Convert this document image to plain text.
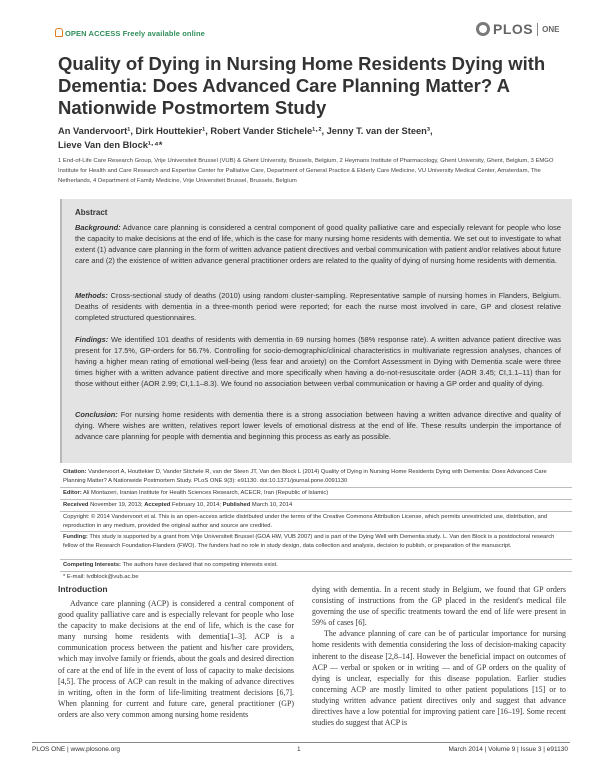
OPEN ACCESS Freely available online	PLOS ONE
Quality of Dying in Nursing Home Residents Dying with Dementia: Does Advanced Care Planning Matter? A Nationwide Postmortem Study
An Vandervoort¹, Dirk Houttekier¹, Robert Vander Stichele¹·², Jenny T. van der Steen³,
Lieve Van den Block¹·⁴*
1 End-of-Life Care Research Group, Vrije Universiteit Brussel (VUB) & Ghent University, Brussels, Belgium, 2 Heymans Institute of Pharmacology, Ghent University, Ghent, Belgium, 3 EMGO Institute for Health and Care Research and Expertise Center for Palliative Care, Department of General Practice & Elderly Care Medicine, VU University Medical Center, Amsterdam, The Netherlands, 4 Department of Family Medicine, Vrije Universiteit Brussel, Brussels, Belgium
Abstract
Background: Advance care planning is considered a central component of good quality palliative care and especially relevant for people who lose the capacity to make decisions at the end of life, which is the case for many nursing home residents with dementia. We set out to investigate to what extent (1) advance care planning in the form of written advance patient directives and verbal communication with patient and/or relatives about future care and (2) the existence of written advance general practitioner orders are related to the quality of dying of nursing home residents with dementia.
Methods: Cross-sectional study of deaths (2010) using random cluster-sampling. Representative sample of nursing homes in Flanders, Belgium. Deaths of residents with dementia in a three-month period were reported; for each the nurse most involved in care, GP and closest relative completed structured questionnaires.
Findings: We identified 101 deaths of residents with dementia in 69 nursing homes (58% response rate). A written advance patient directive was present for 17.5%, GP-orders for 56.7%. Controlling for socio-demographic/clinical characteristics in multivariate regression analyses, chances of having a higher mean rating of emotional well-being (less fear and anxiety) on the Comfort Assessment in Dying with Dementia scale were three times higher with a written advance patient directive and more specifically when having a do-not-resuscitate order (AOR 3.45; CI,1.1–11) than for those without either (AOR 2.99; CI,1.1–8.3). We found no association between verbal communication or having a GP order and quality of dying.
Conclusion: For nursing home residents with dementia there is a strong association between having a written advance directive and quality of dying. Where wishes are written, relatives report lower levels of emotional distress at the end of life. These results underpin the importance of advance care planning for people with dementia and beginning this process as early as possible.
Citation: Vandervoort A, Houttekier D, Vander Stichele R, van der Steen JT, Van den Block L (2014) Quality of Dying in Nursing Home Residents Dying with Dementia: Does Advanced Care Planning Matter? A Nationwide Postmortem Study. PLoS ONE 9(3): e91130. doi:10.1371/journal.pone.0091130
Editor: Ali Montazeri, Iranian Institute for Health Sciences Research, ACECR, Iran (Republic of Islamic)
Received November 19, 2013; Accepted February 10, 2014; Published March 10, 2014
Copyright: © 2014 Vandervoort et al. This is an open-access article distributed under the terms of the Creative Commons Attribution License, which permits unrestricted use, distribution, and reproduction in any medium, provided the original author and source are credited.
Funding: This study is supported by a grant from Vrije Universiteit Brussel (GOA HW, VUB 2007) and is part of the Dying Well with Dementia study. L. Van den Block is a postdoctoral research fellow of the Research Foundation-Flanders (FWO). The funders had no role in study design, data collection and analysis, decision to publish, or preparation of the manuscript.
Competing Interests: The authors have declared that no competing interests exist.
* E-mail: lvdblock@vub.ac.be
Introduction

Advance care planning (ACP) is considered a central component of good quality palliative care and is especially relevant for people who lose the capacity to make decisions at the end of life, which is the case for many nursing home residents with dementia[1–3]. ACP is a communication process between the patient and his/her care providers, which may involve family or friends, about the goals and desired direction of care at the end of life in the event of loss of capacity to make decisions [4,5]. The process of ACP can result in the making of advance directives in writing, often in the form of life-limiting treatment decisions [6,7]. When planning for current and future care, general practitioner (GP) orders are also very common among nursing home residents

dying with dementia. In a recent study in Belgium, we found that GP orders consisting of instructions from the GP placed in the resident's medical file governing the use of specific treatments toward the end of life were present in 59% of cases [6].

The advance planning of care can be of particular importance for nursing home residents with dementia considering the loss of decision-making capacity inherent to the disease [2,8–14]. However the beneficial impact on outcomes of ACP — verbal or spoken or in writing — and of GP orders on the quality of dying is unclear, especially for this disease population. Earlier studies concerning ACP are mostly limited to other patient populations [15] or to studying written advance patient directives only and suggest that advance directives have a low potential for improving patient care [16–19]. Some recent studies do suggest that ACP is

PLOS ONE | www.plosone.org	1	March 2014 | Volume 9 | Issue 3 | e91130
